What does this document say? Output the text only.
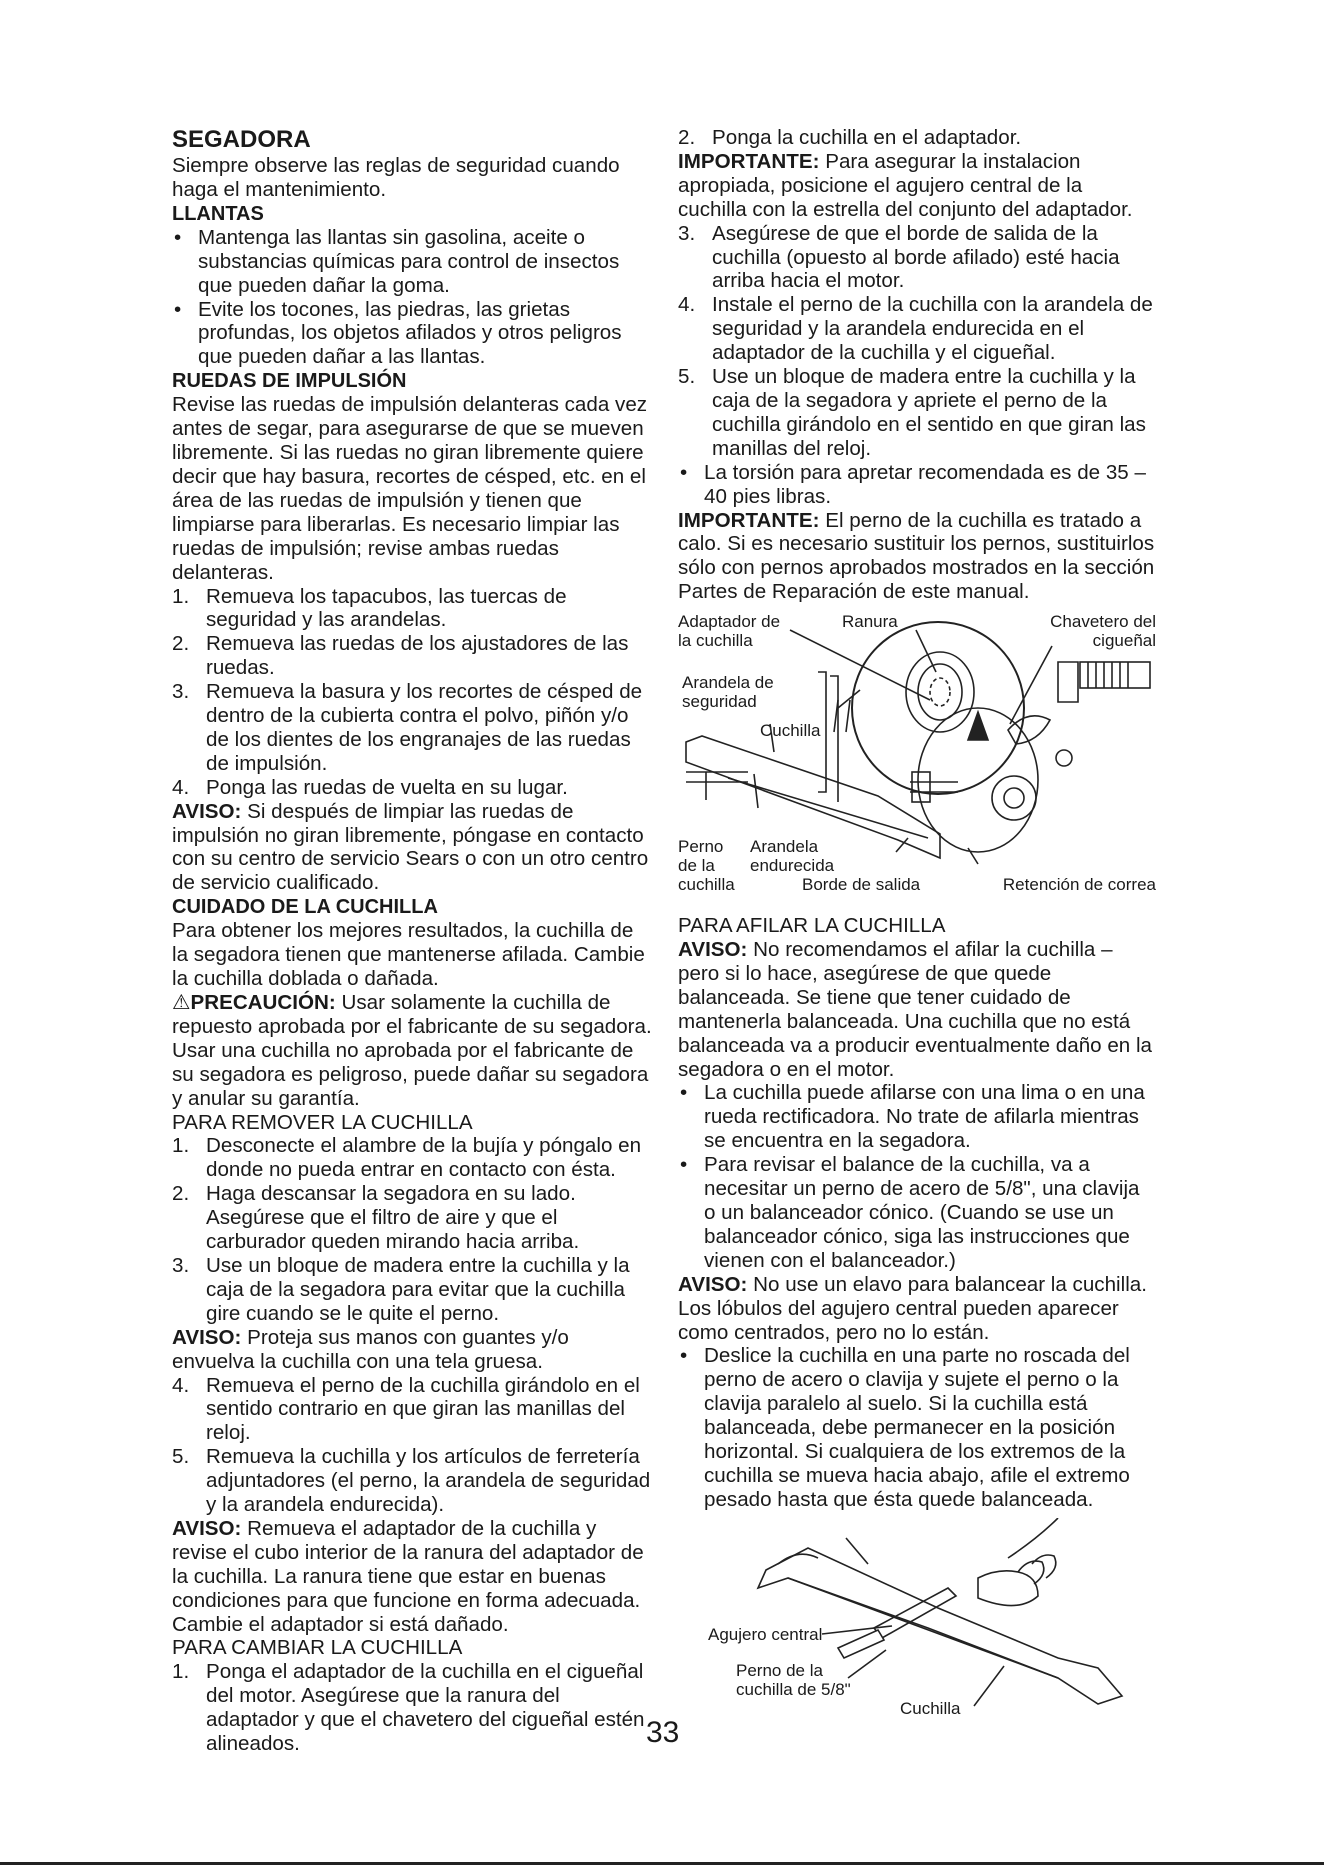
SEGADORA

Siempre observe las reglas de seguridad cuando haga el mantenimiento.

LLANTAS

• Mantenga las llantas sin gasolina, aceite o substancias químicas para control de insectos que pueden dañar la goma.
• Evite los tocones, las piedras, las grietas profundas, los objetos afilados y otros peligros que pueden dañar a las llantas.

RUEDAS DE IMPULSIÓN

Revise las ruedas de impulsión delanteras cada vez antes de segar, para asegurarse de que se mueven libremente. Si las ruedas no giran libremente quiere decir que hay basura, recortes de césped, etc. en el área de las ruedas de impulsión y tienen que limpiarse para liberarlas. Es necesario limpiar las ruedas de impulsión; revise ambas ruedas delanteras.

1. Remueva los tapacubos, las tuercas de seguridad y las arandelas.
2. Remueva las ruedas de los ajustadores de las ruedas.
3. Remueva la basura y los recortes de césped de dentro de la cubierta contra el polvo, piñón y/o de los dientes de los engranajes de las ruedas de impulsión.
4. Ponga las ruedas de vuelta en su lugar.

AVISO: Si después de limpiar las ruedas de impulsión no giran libremente, póngase en contacto con su centro de servicio Sears o con un otro centro de servicio cualificado.

CUIDADO DE LA CUCHILLA

Para obtener los mejores resultados, la cuchilla de la segadora tienen que mantenerse afilada. Cambie la cuchilla doblada o dañada.

⚠PRECAUCIÓN: Usar solamente la cuchilla de repuesto aprobada por el fabricante de su segadora. Usar una cuchilla no aprobada por el fabricante de su segadora es peligroso, puede dañar su segadora y anular su garantía.

PARA REMOVER LA CUCHILLA

1. Desconecte el alambre de la bujía y póngalo en donde no pueda entrar en contacto con ésta.
2. Haga descansar la segadora en su lado. Asegúrese que el filtro de aire y que el carburador queden mirando hacia arriba.
3. Use un bloque de madera entre la cuchilla y la caja de la segadora para evitar que la cuchilla gire cuando se le quite el perno.

AVISO: Proteja sus manos con guantes y/o envuelva la cuchilla con una tela gruesa.

4. Remueva el perno de la cuchilla girándolo en el sentido contrario en que giran las manillas del reloj.
5. Remueva la cuchilla y los artículos de ferretería adjuntadores (el perno, la arandela de seguridad y la arandela endurecida).

AVISO: Remueva el adaptador de la cuchilla y revise el cubo interior de la ranura del adaptador de la cuchilla. La ranura tiene que estar en buenas condiciones para que funcione en forma adecuada. Cambie el adaptador si está dañado.

PARA CAMBIAR LA CUCHILLA

1. Ponga el adaptador de la cuchilla en el cigueñal del motor. Asegúrese que la ranura del adaptador y que el chavetero del cigueñal estén alineados.
2. Ponga la cuchilla en el adaptador.

IMPORTANTE: Para asegurar la instalacion apropiada, posicione el agujero central de la cuchilla con la estrella del conjunto del adaptador.

3. Asegúrese de que el borde de salida de la cuchilla (opuesto al borde afilado) esté hacia arriba hacia el motor.
4. Instale el perno de la cuchilla con la arandela de seguridad y la arandela endurecida en el adaptador de la cuchilla y el cigueñal.
5. Use un bloque de madera entre la cuchilla y la caja de la segadora y apriete el perno de la cuchilla girándolo en el sentido en que giran las manillas del reloj.
• La torsión para apretar recomendada es de 35 – 40 pies libras.

IMPORTANTE: El perno de la cuchilla es tratado a calo. Si es necesario sustituir los pernos, sustituirlos sólo con pernos aprobados mostrados en la sección Partes de Reparación de este manual.

Adaptador de
la cuchilla
Ranura	Chavetero del
cigueñal
Arandela de
seguridad
Cuchilla
Perno
de la
cuchilla
Arandela
endurecida
Borde de salida	Retención de correa

PARA AFILAR LA CUCHILLA

AVISO: No recomendamos el afilar la cuchilla – pero si lo hace, asegúrese de que quede balanceada. Se tiene que tener cuidado de mantenerla balanceada. Una cuchilla que no está balanceada va a producir eventualmente daño en la segadora o en el motor.

• La cuchilla puede afilarse con una lima o en una rueda rectificadora. No trate de afilarla mientras se encuentra en la segadora.
• Para revisar el balance de la cuchilla, va a necesitar un perno de acero de 5/8", una clavija o un balanceador cónico. (Cuando se use un balanceador cónico, siga las instrucciones que vienen con el balanceador.)

AVISO: No use un elavo para balancear la cuchilla. Los lóbulos del agujero central pueden aparecer como centrados, pero no lo están.

• Deslice la cuchilla en una parte no roscada del perno de acero o clavija y sujete el perno o la clavija paralelo al suelo. Si la cuchilla está balanceada, debe permanecer en la posición horizontal. Si cualquiera de los extremos de la cuchilla se mueva hacia abajo, afile el extremo pesado hasta que ésta quede balanceada.
Agujero central
Perno de la
cuchilla de 5/8"
Cuchilla
33
